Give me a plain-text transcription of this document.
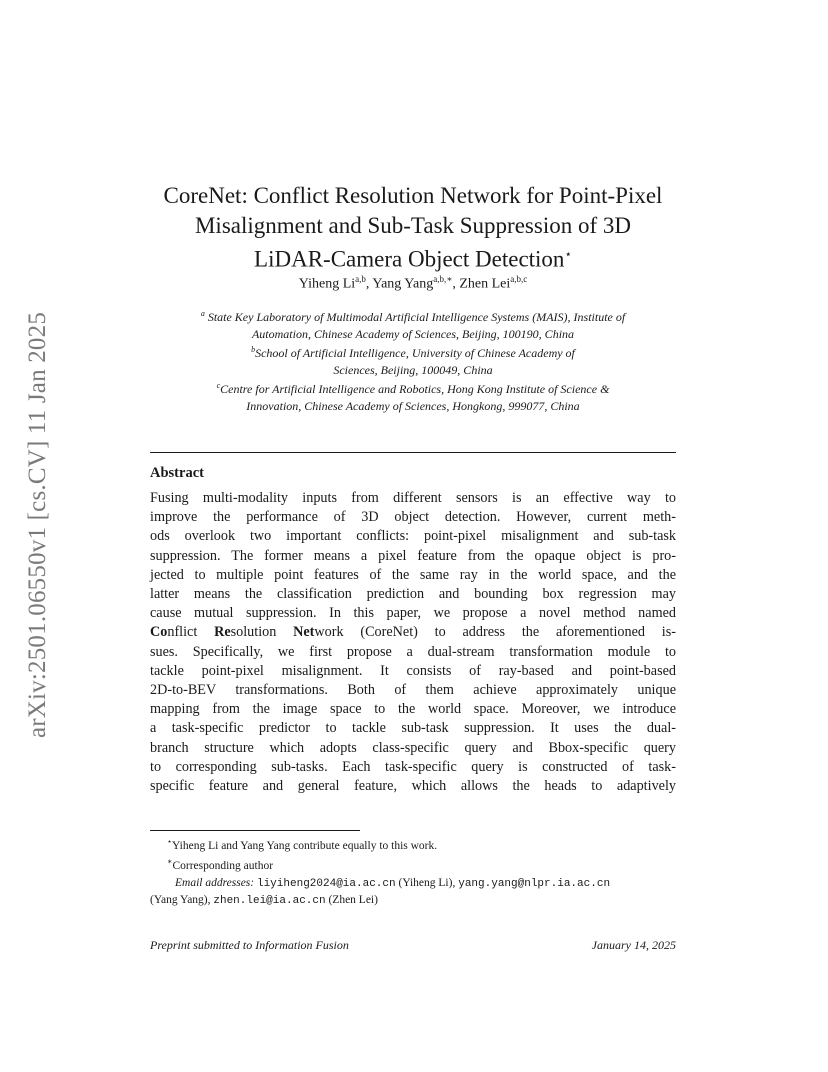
arXiv:2501.06550v1 [cs.CV] 11 Jan 2025
CoreNet: Conflict Resolution Network for Point-Pixel
Misalignment and Sub-Task Suppression of 3D
LiDAR-Camera Object Detection⋆
Yiheng Li$^{a,b}$, Yang Yang$^{a,b,∗}$, Zhen Lei$^{a,b,c}$

$^a$ State Key Laboratory of Multimodal Artificial Intelligence Systems (MAIS), Institute of

Automation, Chinese Academy of Sciences, Beijing, 100190, China

$^b$School of Artificial Intelligence, University of Chinese Academy of

Sciences, Beijing, 100049, China

$^c$Centre for Artificial Intelligence and Robotics, Hong Kong Institute of Science &

Innovation, Chinese Academy of Sciences, Hongkong, 999077, China

Abstract

Fusing multi-modality inputs from different sensors is an effective way to

improve the performance of 3D object detection. However, current meth-

ods overlook two important conflicts: point-pixel misalignment and sub-task

suppression. The former means a pixel feature from the opaque object is pro-

jected to multiple point features of the same ray in the world space, and the

latter means the classification prediction and bounding box regression may

cause mutual suppression. In this paper, we propose a novel method named

Conflict Resolution Network (CoreNet) to address the aforementioned is-

sues. Specifically, we first propose a dual-stream transformation module to

tackle point-pixel misalignment. It consists of ray-based and point-based

2D-to-BEV transformations. Both of them achieve approximately unique

mapping from the image space to the world space. Moreover, we introduce

a task-specific predictor to tackle sub-task suppression. It uses the dual-

branch structure which adopts class-specific query and Bbox-specific query

to corresponding sub-tasks. Each task-specific query is constructed of task-

specific feature and general feature, which allows the heads to adaptively

⋆Yiheng Li and Yang Yang contribute equally to this work.

∗Corresponding author

Email addresses: liyiheng2024@ia.ac.cn (Yiheng Li), yang.yang@nlpr.ia.ac.cn

(Yang Yang), zhen.lei@ia.ac.cn (Zhen Lei)

Preprint submitted to Information Fusion	January 14, 2025
